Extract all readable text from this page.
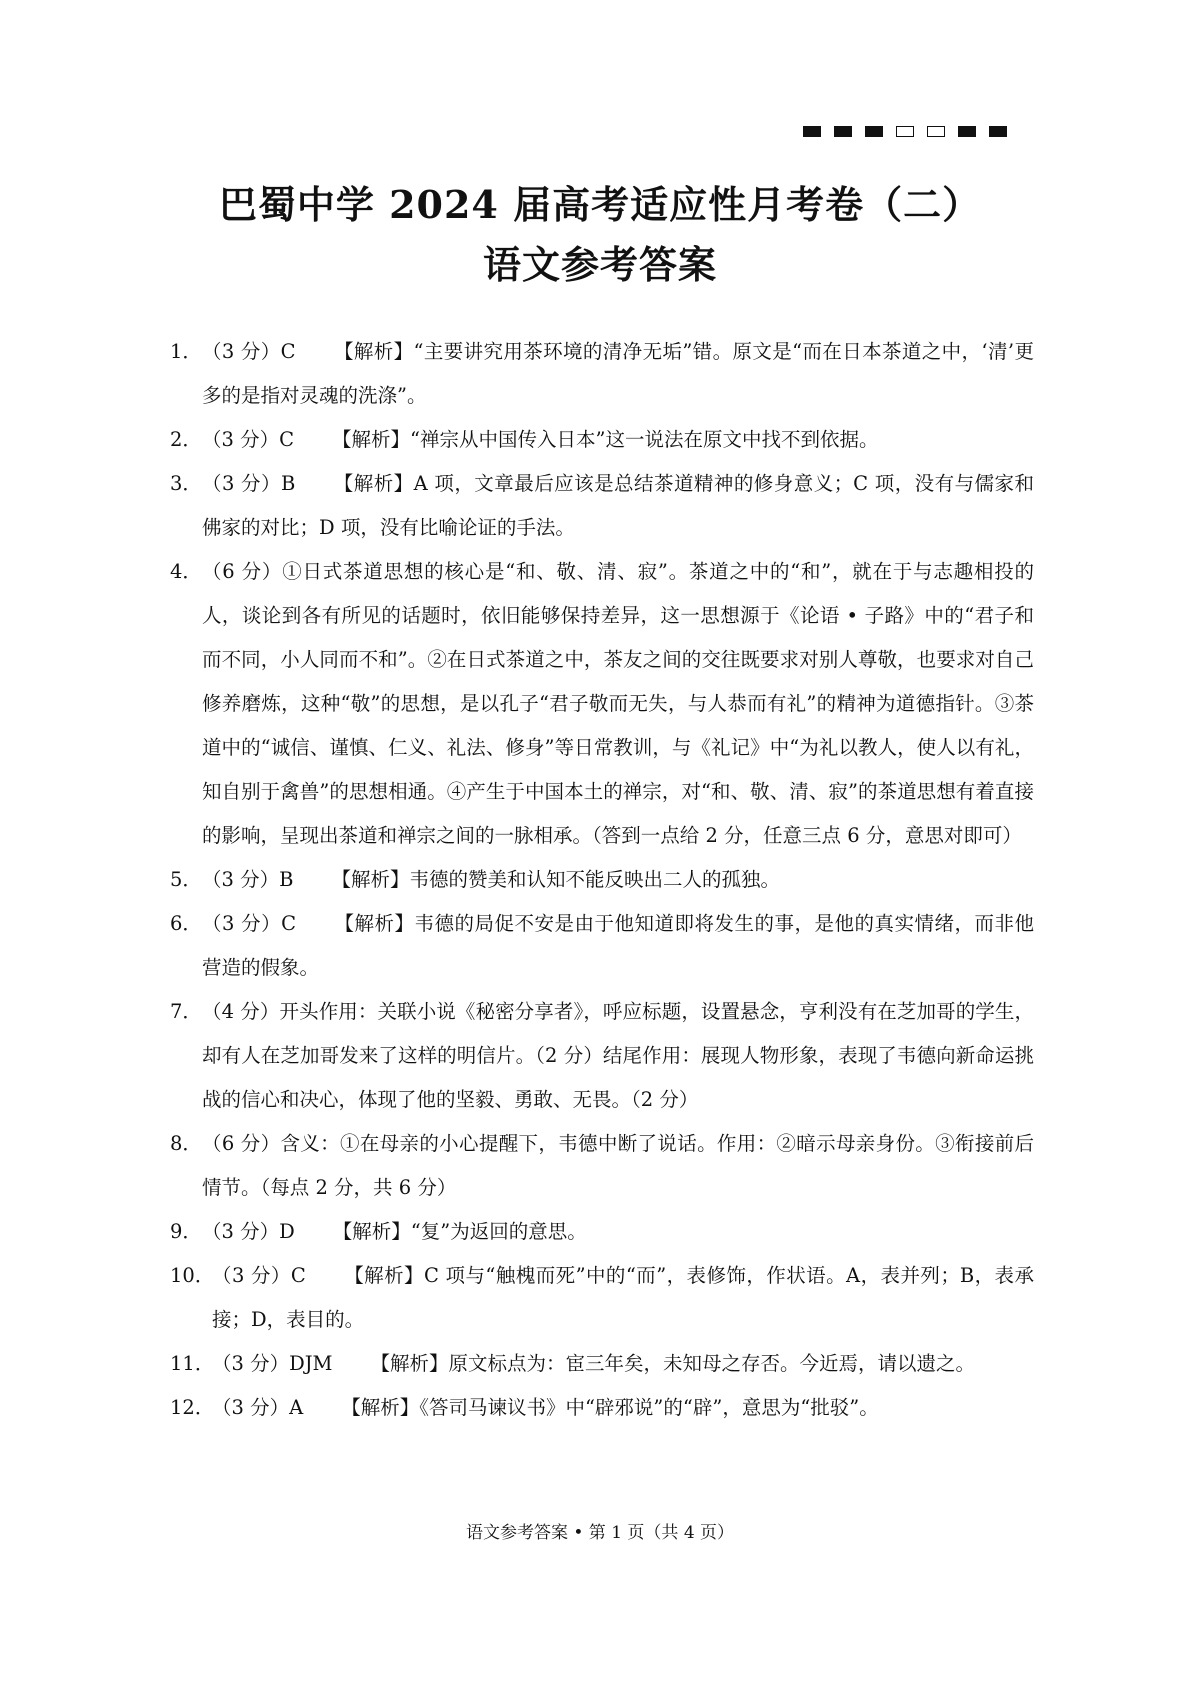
巴蜀中学 2024 届高考适应性月考卷（二）
语文参考答案
1． （3 分）C 【解析】“主要讲究用茶环境的清净无垢”错。原文是“而在日本茶道之中，‘清’更多的是指对灵魂的洗涤”。
2． （3 分）C 【解析】“禅宗从中国传入日本”这一说法在原文中找不到依据。
3． （3 分）B 【解析】A 项，文章最后应该是总结茶道精神的修身意义；C 项，没有与儒家和佛家的对比；D 项，没有比喻论证的手法。
4． （6 分）①日式茶道思想的核心是“和、敬、清、寂”。茶道之中的“和”，就在于与志趣相投的人，谈论到各有所见的话题时，依旧能够保持差异，这一思想源于《论语 • 子路》中的“君子和而不同，小人同而不和”。②在日式茶道之中，茶友之间的交往既要求对别人尊敬，也要求对自己修养磨炼，这种“敬”的思想，是以孔子“君子敬而无失，与人恭而有礼”的精神为道德指针。③茶道中的“诚信、谨慎、仁义、礼法、修身”等日常教训，与《礼记》中“为礼以教人，使人以有礼，知自别于禽兽”的思想相通。④产生于中国本土的禅宗，对“和、敬、清、寂”的茶道思想有着直接的影响，呈现出茶道和禅宗之间的一脉相承。（答到一点给 2 分，任意三点 6 分，意思对即可）
5． （3 分）B 【解析】韦德的赞美和认知不能反映出二人的孤独。
6． （3 分）C 【解析】韦德的局促不安是由于他知道即将发生的事，是他的真实情绪，而非他营造的假象。
7． （4 分）开头作用：关联小说《秘密分享者》，呼应标题，设置悬念，亨利没有在芝加哥的学生，却有人在芝加哥发来了这样的明信片。（2 分）结尾作用：展现人物形象，表现了韦德向新命运挑战的信心和决心，体现了他的坚毅、勇敢、无畏。（2 分）
8． （6 分）含义：①在母亲的小心提醒下，韦德中断了说话。作用：②暗示母亲身份。③衔接前后情节。（每点 2 分，共 6 分）
9． （3 分）D 【解析】“复”为返回的意思。
10．
（3 分）C 【解析】C 项与“触槐而死”中的“而”，表修饰，作状语。A，表并列；B，表承接；D，表目的。
11．
（3 分）DJM 【解析】原文标点为：宦三年矣，未知母之存否。今近焉，请以遗之。
12．
（3 分）A 【解析】《答司马谏议书》中“辟邪说”的“辟”，意思为“批驳”。
语文参考答案 • 第 1 页（共 4 页）
